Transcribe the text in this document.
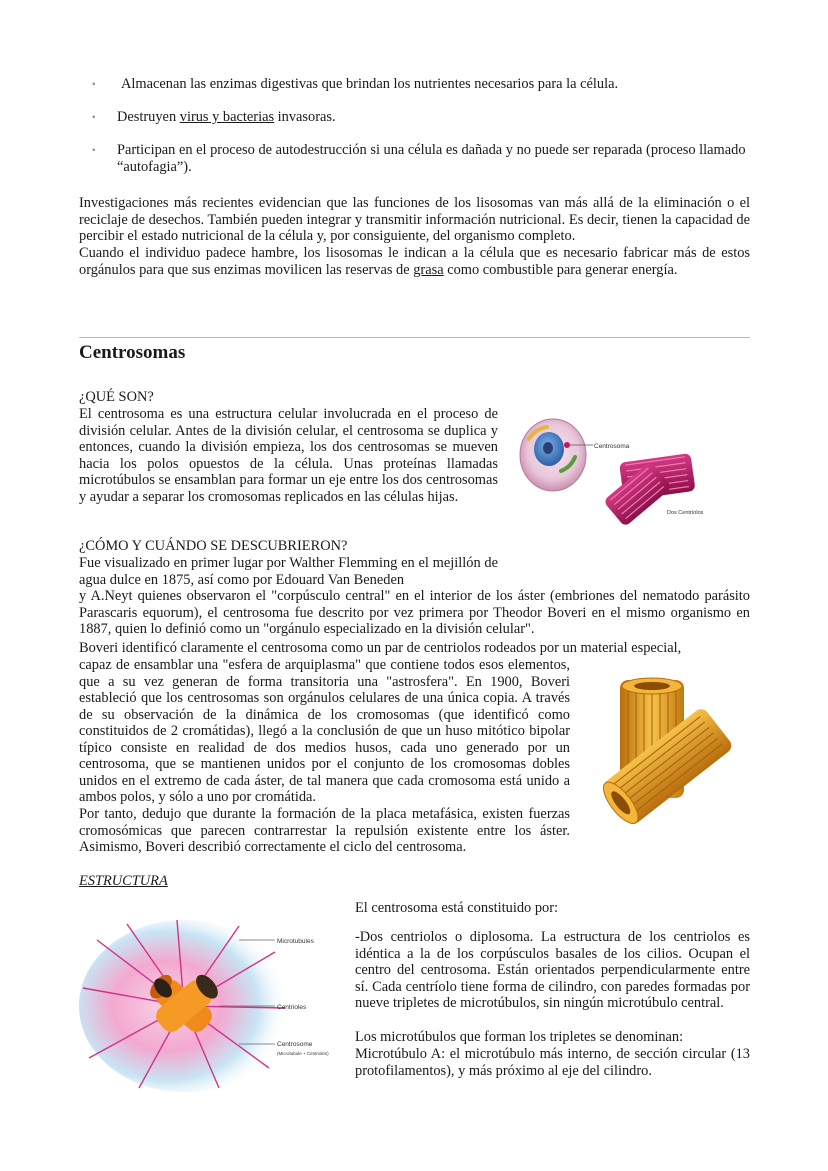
▪ Almacenan las enzimas digestivas que brindan los nutrientes necesarios para la célula.
▪ Destruyen virus y bacterias invasoras.
▪ Participan en el proceso de autodestrucción si una célula es dañada y no puede ser reparada (proceso llamado “autofagia”).

Investigaciones más recientes evidencian que las funciones de los lisosomas van más allá de la eliminación o el reciclaje de desechos. También pueden integrar y transmitir información nutricional. Es decir, tienen la capacidad de percibir el estado nutricional de la célula y, por consiguiente, del organismo completo.

Cuando el individuo padece hambre, los lisosomas le indican a la célula que es necesario fabricar más de estos orgánulos para que sus enzimas movilicen las reservas de grasa como combustible para generar energía.

Centrosomas

¿QUÉ SON?

El centrosoma es una estructura celular involucrada en el proceso de división celular. Antes de la división celular, el centrosoma se duplica y entonces, cuando la división empieza, los dos centrosomas se mueven hacia los polos opuestos de la célula. Unas proteínas llamadas microtúbulos se ensamblan para formar un eje entre los dos centrosomas y ayudar a separar los cromosomas replicados en las células hijas.

Centrosoma
Dos Centríolos

¿CÓMO Y CUÁNDO SE DESCUBRIERON?

Fue visualizado en primer lugar por Walther Flemming en el mejillón de agua dulce en 1875, así como por Edouard Van Beneden

y A.Neyt quienes observaron el "corpúsculo central" en el interior de los áster (embriones del nematodo parásito Parascaris equorum), el centrosoma fue descrito por vez primera por Theodor Boveri en el mismo organismo en 1887, quien lo definió como un "orgánulo especializado en la división celular".

Boveri identificó claramente el centrosoma como un par de centriolos rodeados por un material especial,

capaz de ensamblar una "esfera de arquiplasma" que contiene todos esos elementos, que a su vez generan de forma transitoria una "astrosfera". En 1900, Boveri estableció que los centrosomas son orgánulos celulares de una única copia. A través de su observación de la dinámica de los cromosomas (que identificó como constituidos de 2 cromátidas), llegó a la conclusión de que un huso mitótico bipolar típico consiste en realidad de dos medios husos, cada uno generado por un centrosoma, que se mantienen unidos por el conjunto de los cromosomas dobles unidos en el extremo de cada áster, de tal manera que cada cromosoma está unido a ambos polos, y sólo a uno por cromátida.

Por tanto, dedujo que durante la formación de la placa metafásica, existen fuerzas cromosómicas que parecen contrarrestar la repulsión existente entre los áster. Asimismo, Boveri describió correctamente el ciclo del centrosoma.

ESTRUCTURA

Microtubules
Centrioles
Centrosome
(Microtubule + Centrioles)

El centrosoma está constituido por:

-Dos centriolos o diplosoma. La estructura de los centriolos es idéntica a la de los corpúsculos basales de los cilios. Ocupan el centro del centrosoma. Están orientados perpendicularmente entre sí. Cada centríolo tiene forma de cilindro, con paredes formadas por nueve tripletes de microtúbulos, sin ningún microtúbulo central.

Los microtúbulos que forman los tripletes se denominan:

Microtúbulo A: el microtúbulo más interno, de sección circular (13 protofilamentos), y más próximo al eje del cilindro.
